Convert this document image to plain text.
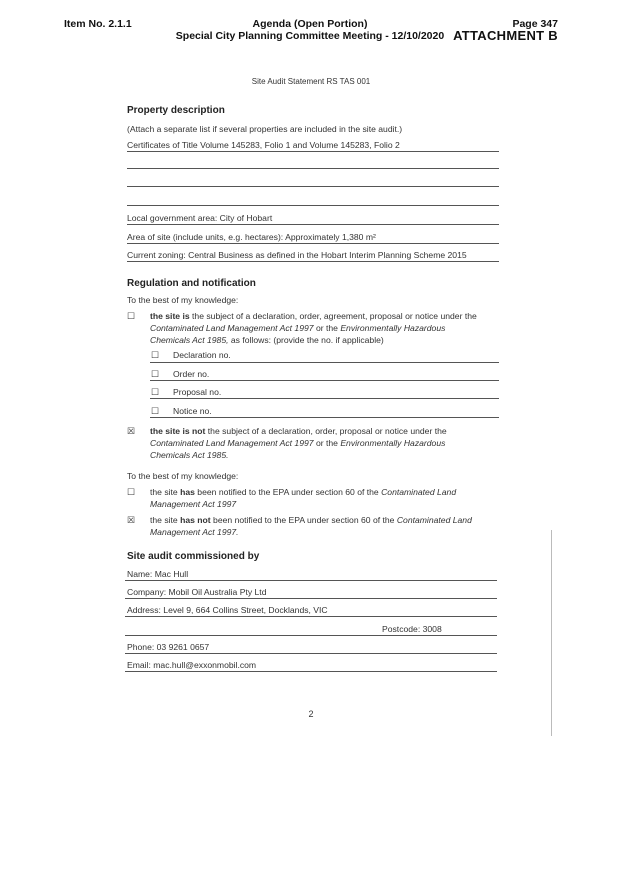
Item No. 2.1.1	Agenda (Open Portion)
Special City Planning Committee Meeting - 12/10/2020
Page 347
ATTACHMENT B
Site Audit Statement RS TAS 001
Property description
(Attach a separate list if several properties are included in the site audit.)
Certificates of Title Volume 145283, Folio 1 and Volume 145283, Folio 2
Local government area: City of Hobart
Area of site (include units, e.g. hectares): Approximately 1,380 m²
Current zoning: Central Business as defined in the Hobart Interim Planning Scheme 2015
Regulation and notification
To the best of my knowledge:
☐ the site is the subject of a declaration, order, agreement, proposal or notice under the
Contaminated Land Management Act 1997 or the Environmentally Hazardous
Chemicals Act 1985, as follows: (provide the no. if applicable)
☐ Declaration no.
☐ Order no.
☐ Proposal no.
☐ Notice no.
☒ the site is not the subject of a declaration, order, proposal or notice under the
Contaminated Land Management Act 1997 or the Environmentally Hazardous
Chemicals Act 1985.
To the best of my knowledge:
☐ the site has been notified to the EPA under section 60 of the Contaminated Land
Management Act 1997
☒ the site has not been notified to the EPA under section 60 of the Contaminated Land
Management Act 1997.
Site audit commissioned by
Name: Mac Hull
Company: Mobil Oil Australia Pty Ltd
Address: Level 9, 664 Collins Street, Docklands, VIC
Postcode: 3008
Phone: 03 9261 0657
Email: mac.hull@exxonmobil.com
2
